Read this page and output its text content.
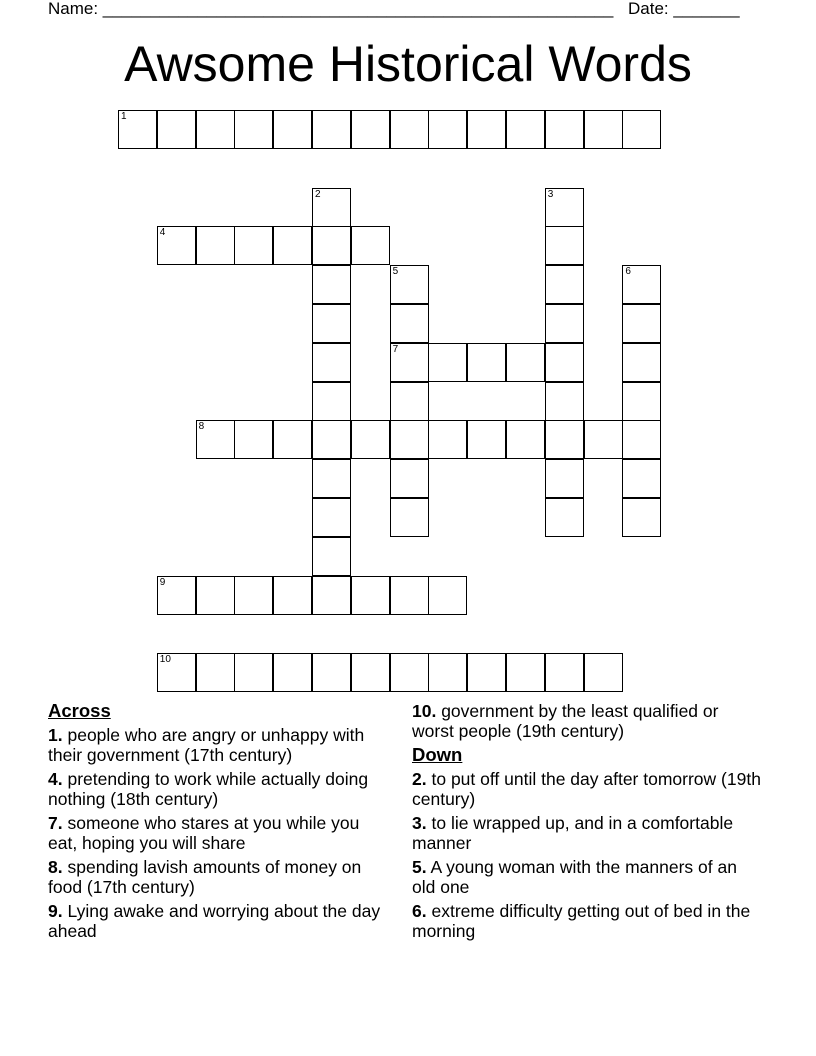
Name: ______________________________________________________ Date: _______
Awsome Historical Words
1
2	3
4
5
7
6
8
9
10
Across
1. people who are angry or unhappy with their government (17th century)
4. pretending to work while actually doing nothing (18th century)
7. someone who stares at you while you eat, hoping you will share
8. spending lavish amounts of money on food (17th century)
9. Lying awake and worrying about the day ahead
10. government by the least qualified or worst people (19th century)
Down
2. to put off until the day after tomorrow (19th century)
3. to lie wrapped up, and in a comfortable manner
5. A young woman with the manners of an old one
6. extreme difficulty getting out of bed in the morning
